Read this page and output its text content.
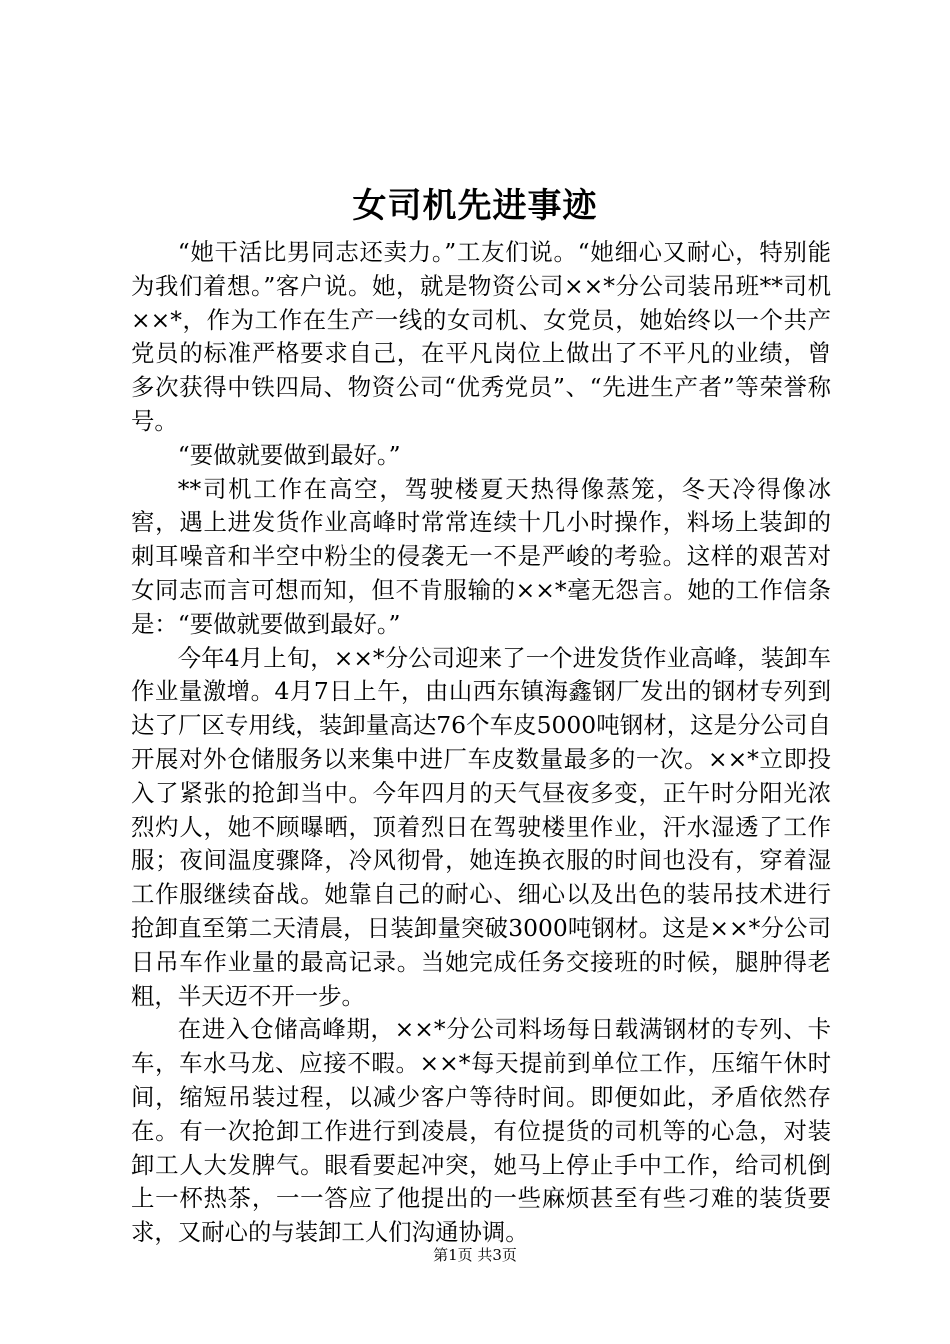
女司机先进事迹

“她干活比男同志还卖力。”工友们说。“她细心又耐心，特别能为我们着想。”客户说。她，就是物资公司××*分公司装吊班**司机××*，作为工作在生产一线的女司机、女党员，她始终以一个共产党员的标准严格要求自己，在平凡岗位上做出了不平凡的业绩，曾多次获得中铁四局、物资公司“优秀党员”、“先进生产者”等荣誉称号。

“要做就要做到最好。”

**司机工作在高空，驾驶楼夏天热得像蒸笼，冬天冷得像冰窖，遇上进发货作业高峰时常常连续十几小时操作，料场上装卸的刺耳噪音和半空中粉尘的侵袭无一不是严峻的考验。这样的艰苦对女同志而言可想而知，但不肯服输的××*毫无怨言。她的工作信条是：“要做就要做到最好。”

今年4月上旬，××*分公司迎来了一个进发货作业高峰，装卸车作业量激增。4月7日上午，由山西东镇海鑫钢厂发出的钢材专列到达了厂区专用线，装卸量高达76个车皮5000吨钢材，这是分公司自开展对外仓储服务以来集中进厂车皮数量最多的一次。××*立即投入了紧张的抢卸当中。今年四月的天气昼夜多变，正午时分阳光浓烈灼人，她不顾曝晒，顶着烈日在驾驶楼里作业，汗水湿透了工作服；夜间温度骤降，冷风彻骨，她连换衣服的时间也没有，穿着湿工作服继续奋战。她靠自己的耐心、细心以及出色的装吊技术进行抢卸直至第二天清晨，日装卸量突破3000吨钢材。这是××*分公司日吊车作业量的最高记录。当她完成任务交接班的时候，腿肿得老粗，半天迈不开一步。

在进入仓储高峰期，××*分公司料场每日载满钢材的专列、卡车，车水马龙、应接不暇。××*每天提前到单位工作，压缩午休时间，缩短吊装过程，以减少客户等待时间。即便如此，矛盾依然存在。有一次抢卸工作进行到凌晨，有位提货的司机等的心急，对装卸工人大发脾气。眼看要起冲突，她马上停止手中工作，给司机倒上一杯热茶，一一答应了他提出的一些麻烦甚至有些刁难的装货要求，又耐心的与装卸工人们沟通协调。

第1页 共3页
